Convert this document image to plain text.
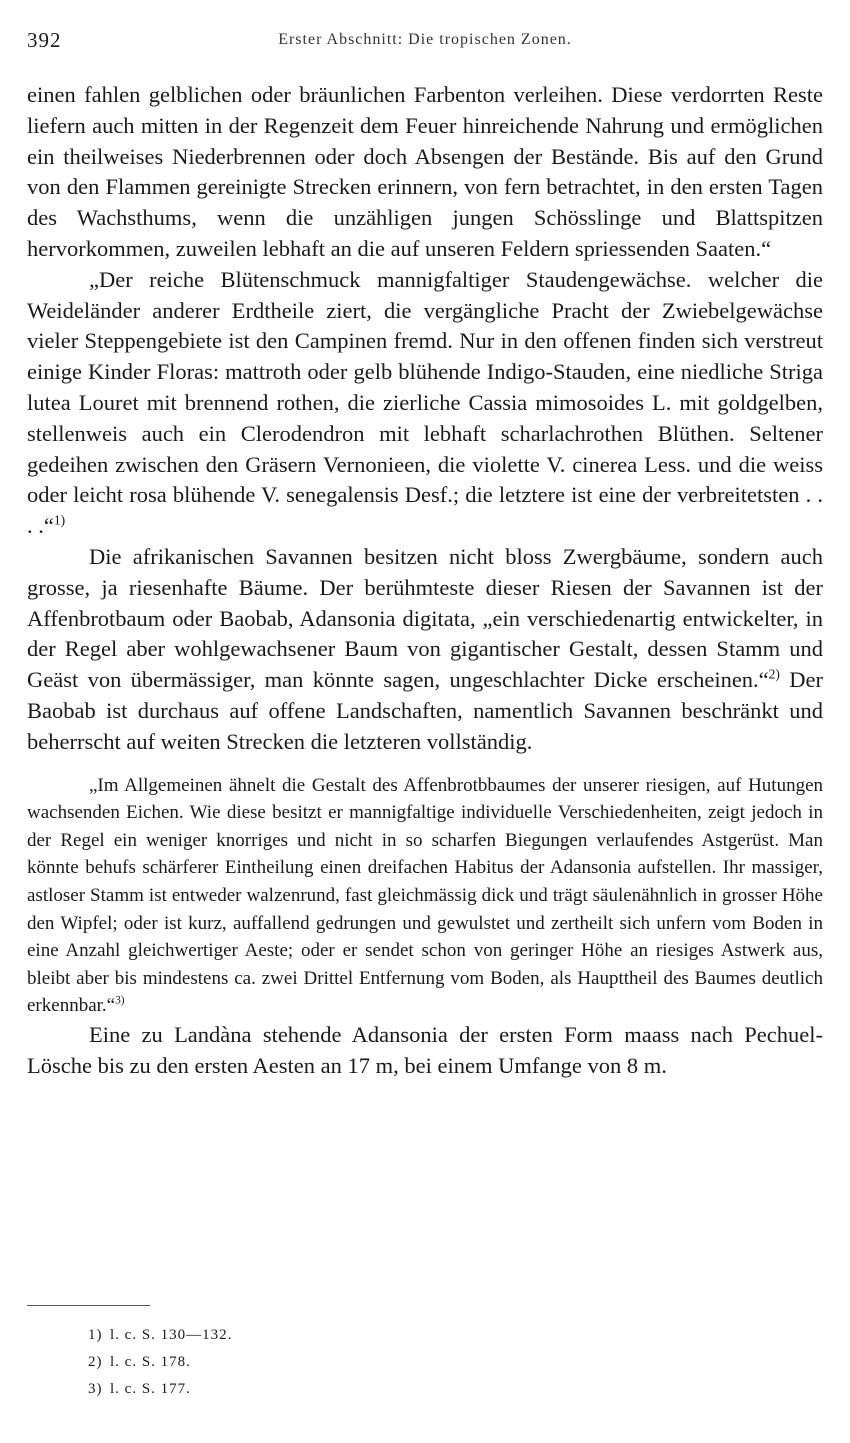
392	Erster Abschnitt: Die tropischen Zonen.

einen fahlen gelblichen oder bräunlichen Farbenton verleihen. Diese verdorrten Reste liefern auch mitten in der Regenzeit dem Feuer hinreichende Nahrung und ermöglichen ein theilweises Niederbrennen oder doch Absengen der Bestände. Bis auf den Grund von den Flammen gereinigte Strecken erinnern, von fern betrachtet, in den ersten Tagen des Wachsthums, wenn die unzähligen jungen Schösslinge und Blattspitzen hervorkommen, zuweilen lebhaft an die auf unseren Feldern spriessenden Saaten.“

„Der reiche Blütenschmuck mannigfaltiger Staudengewächse. welcher die Weideländer anderer Erdtheile ziert, die vergängliche Pracht der Zwiebelgewächse vieler Steppengebiete ist den Campinen fremd. Nur in den offenen finden sich verstreut einige Kinder Floras: mattroth oder gelb blühende Indigo-Stauden, eine niedliche Striga lutea Louret mit brennend rothen, die zierliche Cassia mimosoides L. mit goldgelben, stellenweis auch ein Clerodendron mit lebhaft scharlachrothen Blüthen. Seltener gedeihen zwischen den Gräsern Vernonieen, die violette V. cinerea Less. und die weiss oder leicht rosa blühende V. senegalensis Desf.; die letztere ist eine der verbreitetsten . . . .“$^{1)}$

Die afrikanischen Savannen besitzen nicht bloss Zwergbäume, sondern auch grosse, ja riesenhafte Bäume. Der berühmteste dieser Riesen der Savannen ist der Affenbrotbaum oder Baobab, Adansonia digitata, „ein verschiedenartig entwickelter, in der Regel aber wohlgewachsener Baum von gigantischer Gestalt, dessen Stamm und Geäst von übermässiger, man könnte sagen, ungeschlachter Dicke erscheinen.“$^{2)}$ Der Baobab ist durchaus auf offene Landschaften, namentlich Savannen beschränkt und beherrscht auf weiten Strecken die letzteren vollständig.

„Im Allgemeinen ähnelt die Gestalt des Affenbrotbbaumes der unserer riesigen, auf Hutungen wachsenden Eichen. Wie diese besitzt er mannigfaltige individuelle Verschiedenheiten, zeigt jedoch in der Regel ein weniger knorriges und nicht in so scharfen Biegungen verlaufendes Astgerüst. Man könnte behufs schärferer Eintheilung einen dreifachen Habitus der Adansonia aufstellen. Ihr massiger, astloser Stamm ist entweder walzenrund, fast gleichmässig dick und trägt säulenähnlich in grosser Höhe den Wipfel; oder ist kurz, auffallend gedrungen und gewulstet und zertheilt sich unfern vom Boden in eine Anzahl gleichwertiger Aeste; oder er sendet schon von geringer Höhe an riesiges Astwerk aus, bleibt aber bis mindestens ca. zwei Drittel Entfernung vom Boden, als Haupttheil des Baumes deutlich erkennbar.“$^{3)}$

Eine zu Landàna stehende Adansonia der ersten Form maass nach Pechuel-Lösche bis zu den ersten Aesten an 17 m, bei einem Umfange von 8 m.

1) l. c. S. 130—132.
2) l. c. S. 178.
3) l. c. S. 177.
